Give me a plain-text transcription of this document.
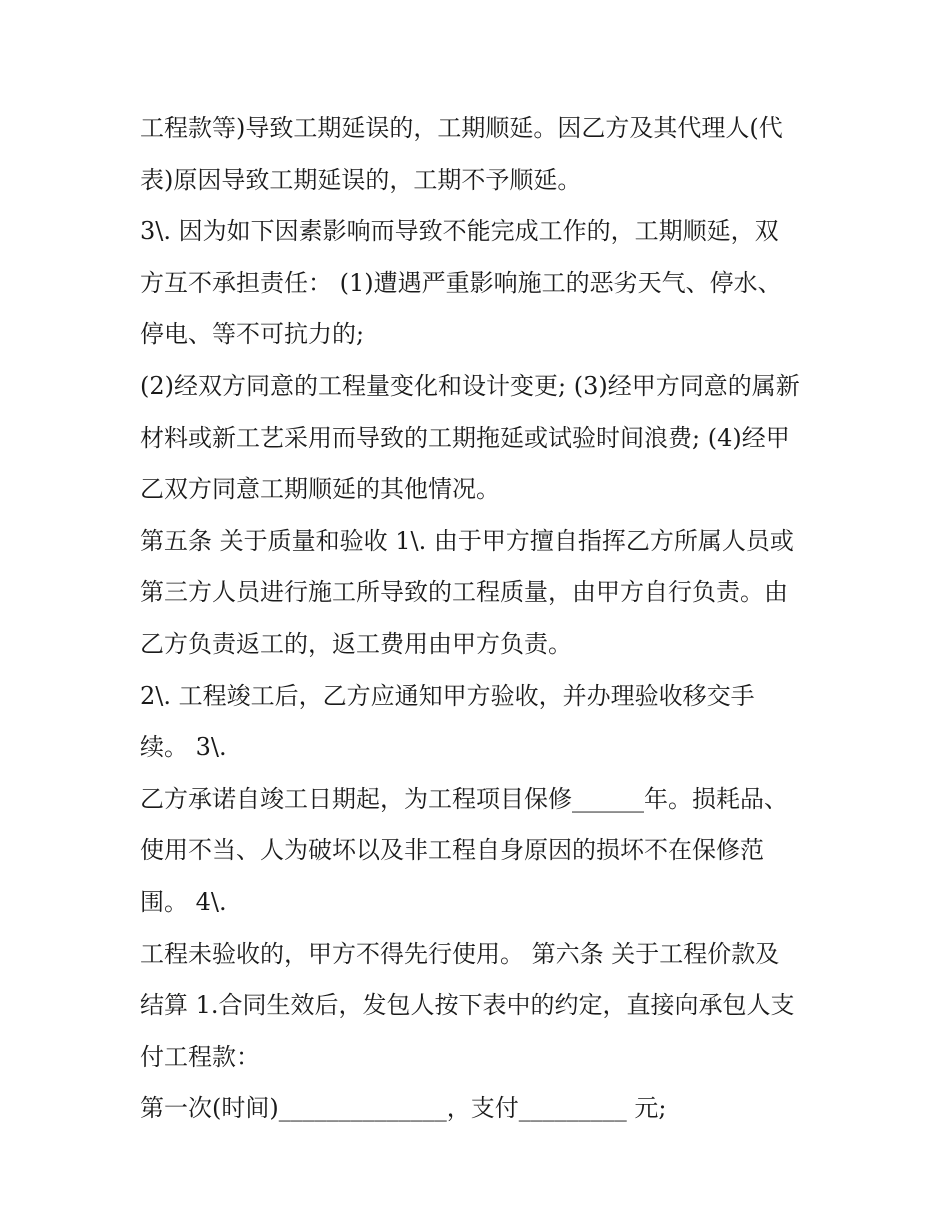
工程款等)导致工期延误的，工期顺延。因乙方及其代理人(代
表)原因导致工期延误的，工期不予顺延。
3\. 因为如下因素影响而导致不能完成工作的，工期顺延，双
方互不承担责任： (1)遭遇严重影响施工的恶劣天气、停水、
停电、等不可抗力的;
(2)经双方同意的工程量变化和设计变更; (3)经甲方同意的属新
材料或新工艺采用而导致的工期拖延或试验时间浪费; (4)经甲
乙双方同意工期顺延的其他情况。
第五条 关于质量和验收 1\. 由于甲方擅自指挥乙方所属人员或
第三方人员进行施工所导致的工程质量，由甲方自行负责。由
乙方负责返工的，返工费用由甲方负责。
2\. 工程竣工后，乙方应通知甲方验收，并办理验收移交手
续。 3\.
乙方承诺自竣工日期起，为工程项目保修______年。损耗品、
使用不当、人为破坏以及非工程自身原因的损坏不在保修范
围。 4\.
工程未验收的，甲方不得先行使用。 第六条 关于工程价款及
结算 1.合同生效后，发包人按下表中的约定，直接向承包人支
付工程款：
第一次(时间)______________，支付_________ 元;
